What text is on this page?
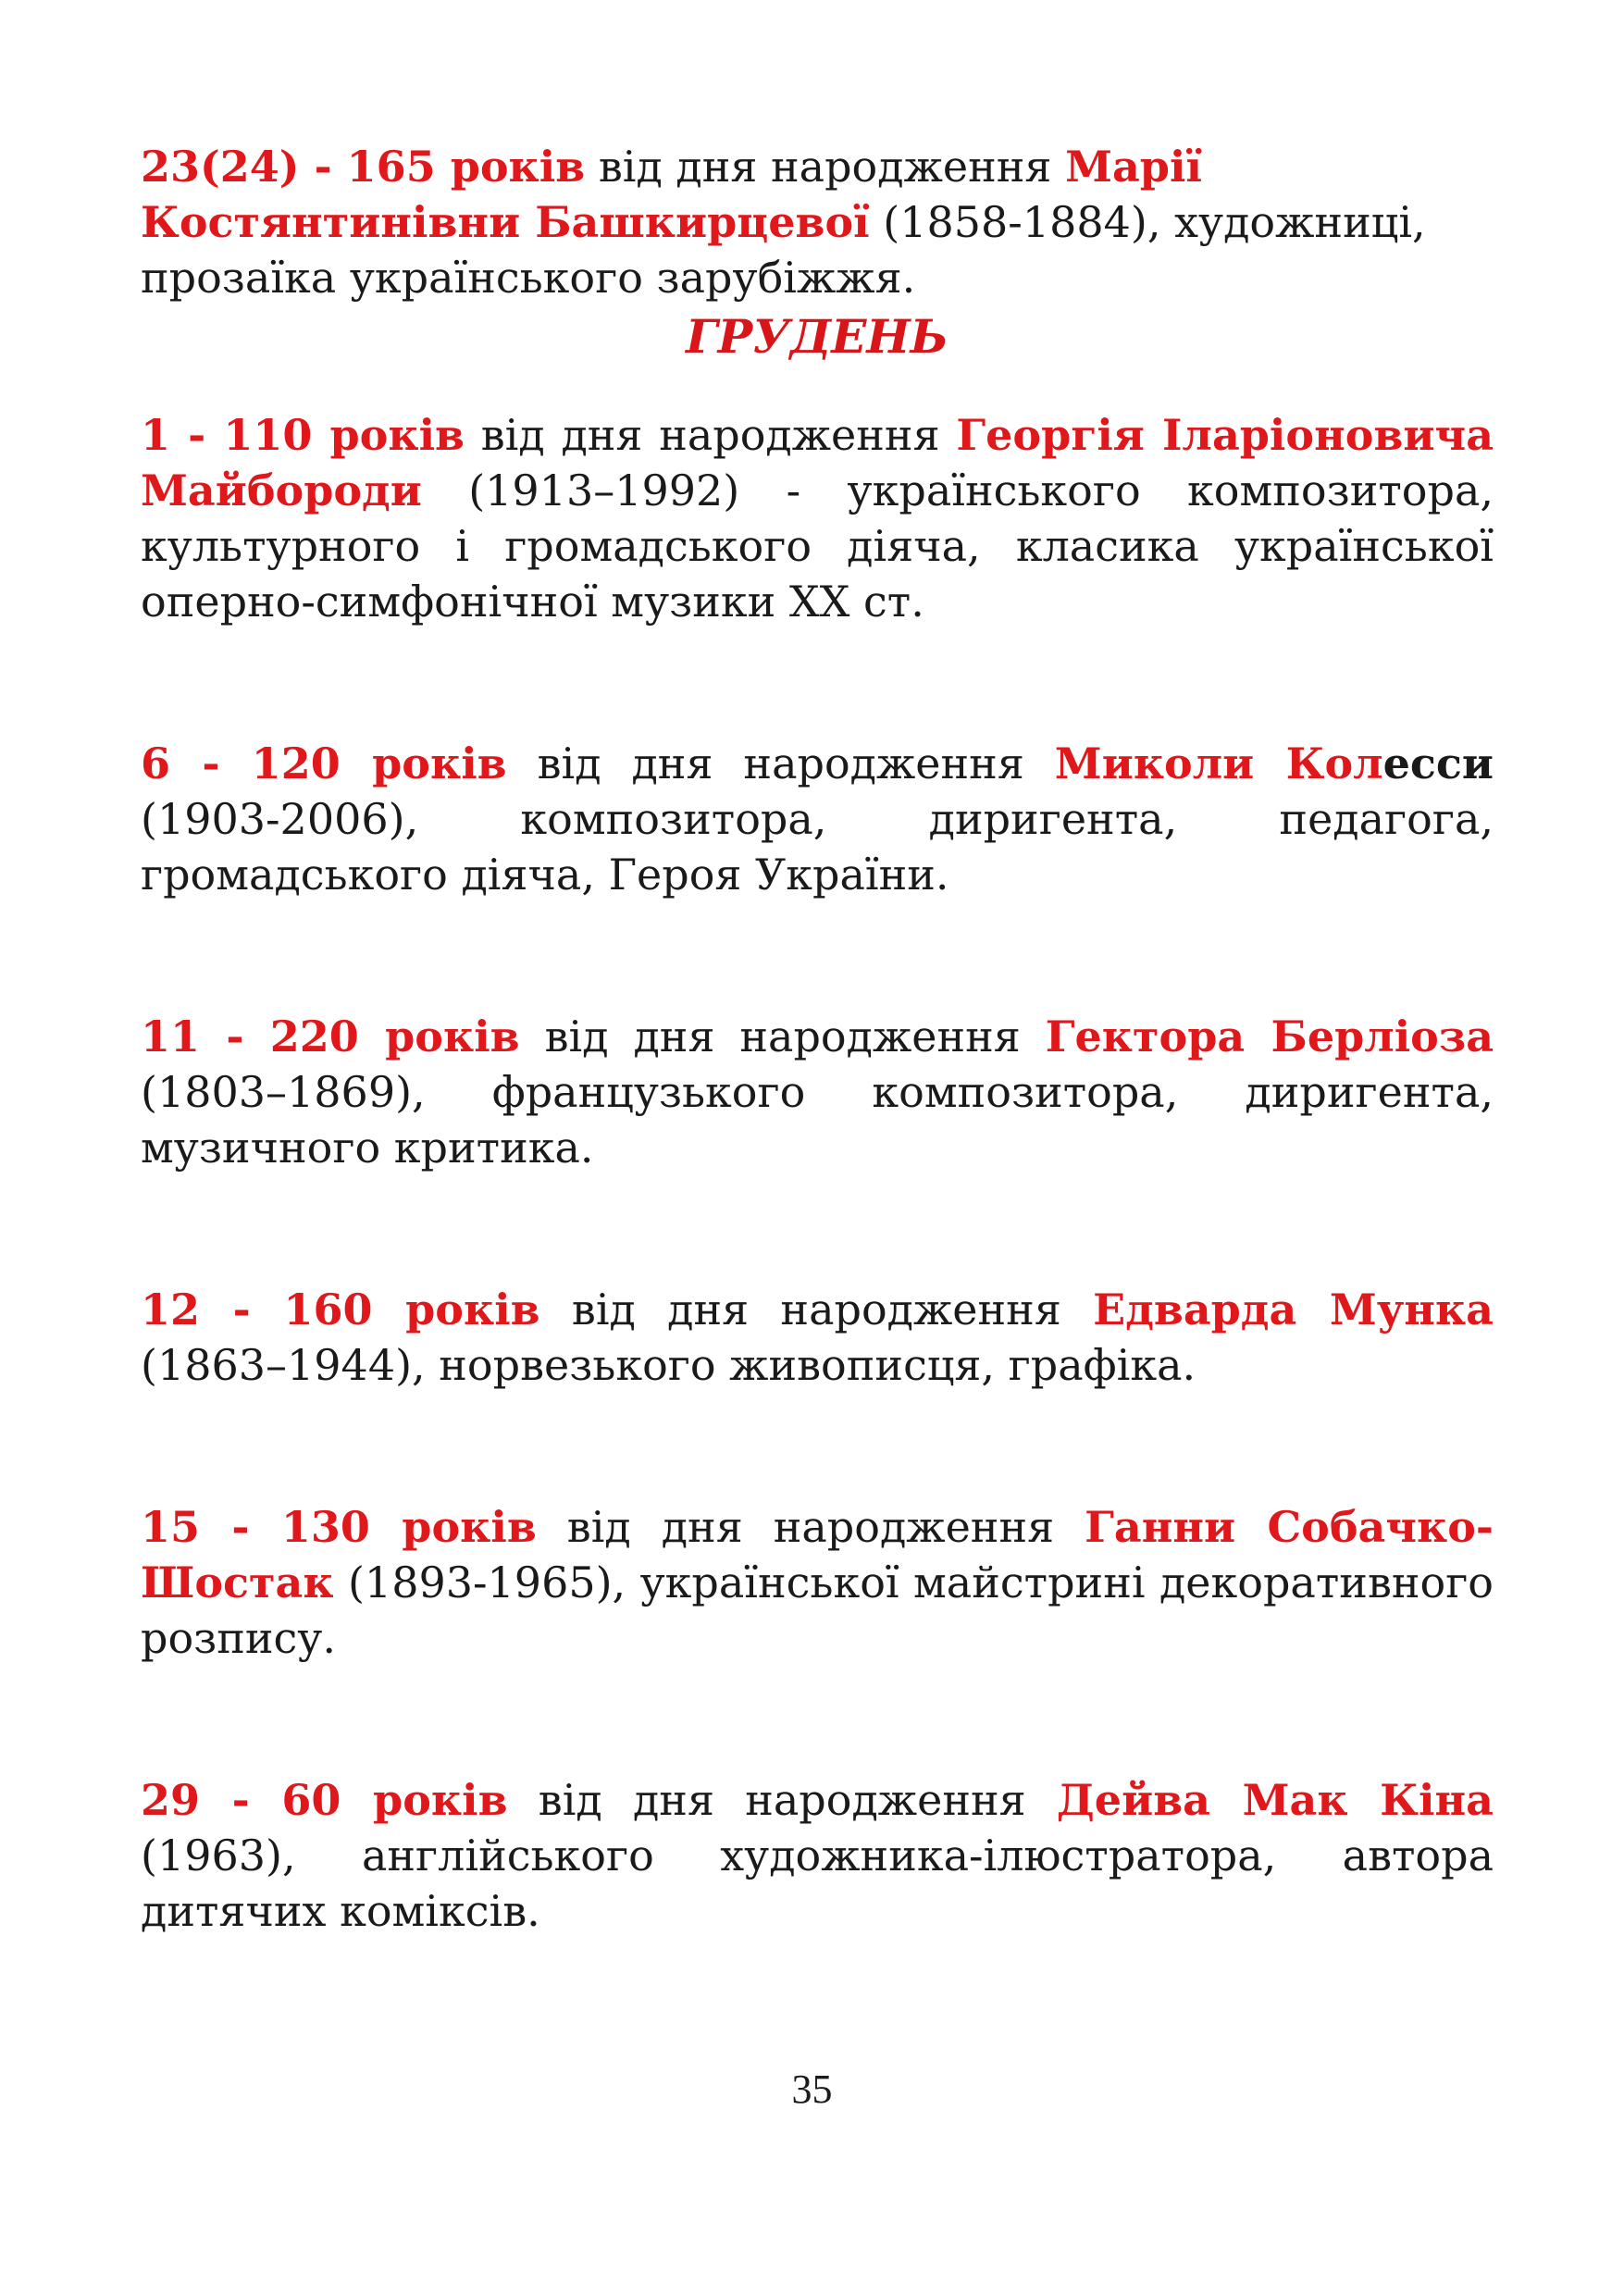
23(24) - 165 років від дня народження Марії Костянтинівни Башкирцевої (1858-1884), художниці, прозаїка українського зарубіжжя.

ГРУДЕНЬ

1 - 110 років від дня народження Георгія Іларіоновича Майбороди (1913–1992) - українського композитора, культурного і громадського діяча, класика української оперно-симфонічної музики ХХ ст.

6 - 120 років від дня народження Миколи Колесси (1903-2006), композитора, диригента, педагога, громадського діяча, Героя України.

11 - 220 років від дня народження Гектора Берліоза (1803–1869), французького композитора, диригента, музичного критика.

12 - 160 років від дня народження Едварда Мунка (1863–1944), норвезького живописця, графіка.

15 - 130 років від дня народження Ганни Собачко-Шостак (1893-1965), української майстрині декоративного розпису.

29 - 60 років від дня народження Дейва Мак Кіна (1963), англійського художника-ілюстратора, автора дитячих коміксів.

35
